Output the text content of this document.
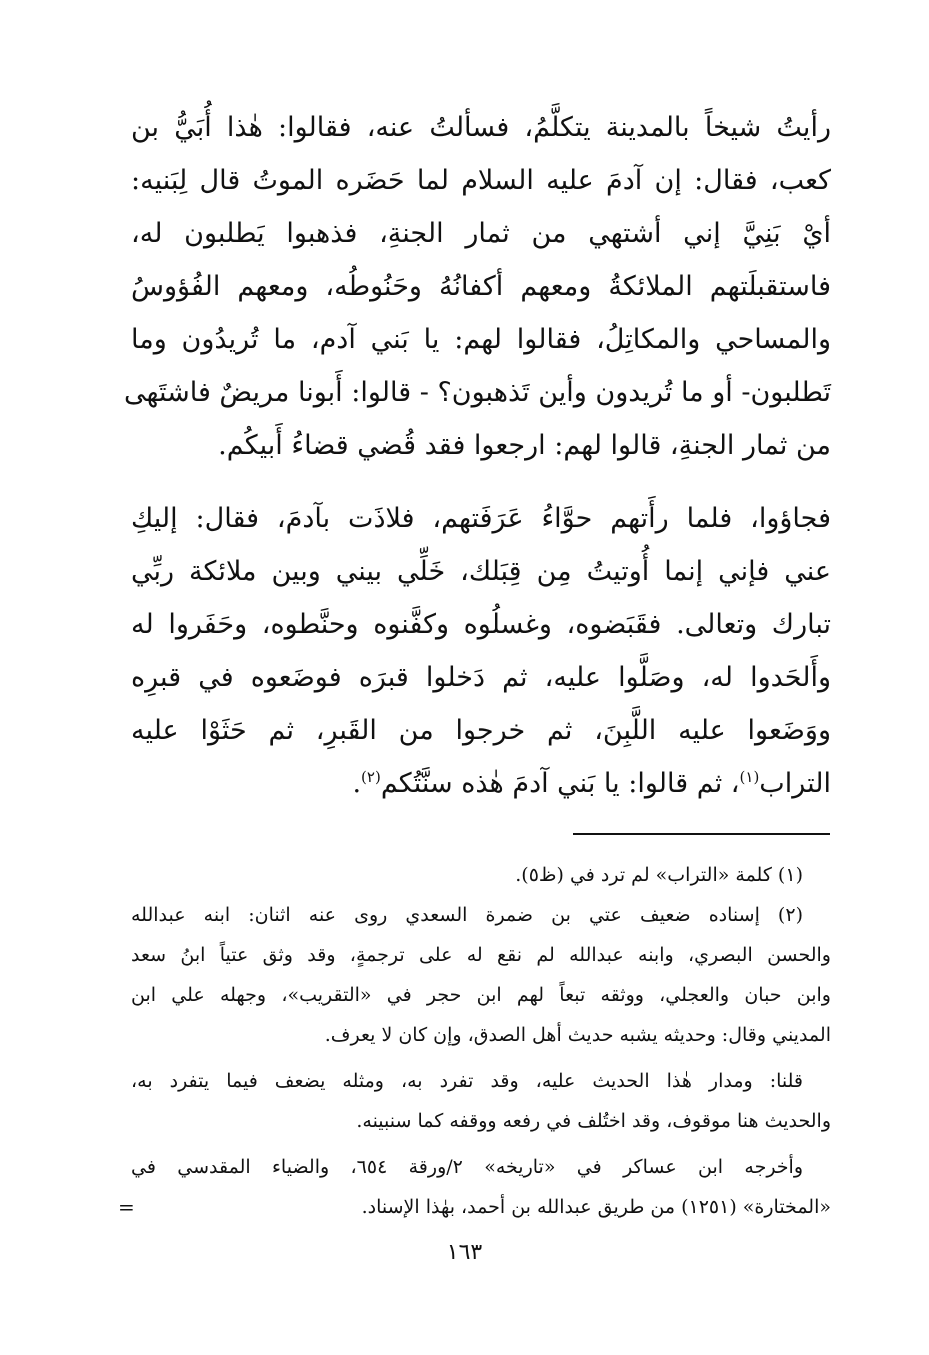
رأيتُ شيخاً بالمدينة يتكلَّمُ، فسألتُ عنه، فقالوا: هٰذا أُبَيُّ بن
كعب، فقال: إن آدمَ عليه السلام لما حَضَره الموتُ قال لِبَنيه:
أيْ بَنِيَّ إني أشتهي من ثمار الجنةِ، فذهبوا يَطلبون له،
فاستقبلَتهم الملائكةُ ومعهم أكفانُهُ وحَنُوطُه، ومعهم الفُؤوسُ
والمساحي والمكاتِلُ، فقالوا لهم: يا بَني آدم، ما تُريدُون وما
تَطلبون- أو ما تُريدون وأين تَذهبون؟ - قالوا: أَبونا مريضٌ فاشتَهى
من ثمار الجنةِ، قالوا لهم: ارجعوا فقد قُضي قضاءُ أَبيكُم.
فجاؤوا، فلما رأَتهم حوَّاءُ عَرَفَتهم، فلاذَت بآدمَ، فقال: إليكِ
عني فإني إنما أُوتيتُ مِن قِبَلك، خَلِّي بيني وبين ملائكة ربِّي
تبارك وتعالى. فقَبَضوه، وغسلُوه وكفَّنوه وحنَّطوه، وحَفَروا له
وأَلحَدوا له، وصَلَّوا عليه، ثم دَخلوا قبرَه فوضَعوه في قبرِه
ووَضَعوا عليه اللَّبِنَ، ثم خرجوا من القَبرِ، ثم حَثَوْا عليه
التراب$^{(١)}$، ثم قالوا: يا بَني آدمَ هٰذه سنَّتُكم$^{(٢)}$.
(١) كلمة «التراب» لم ترد في (ظ٥).
(٢) إسناده ضعيف عتي بن ضمرة السعدي روى عنه اثنان: ابنه عبدالله
والحسن البصري، وابنه عبدالله لم نقع له على ترجمةٍ، وقد وثق عتياً ابنُ سعد
وابن حبان والعجلي، ووثقه تبعاً لهم ابن حجر في «التقريب»، وجهله علي ابن
المديني وقال: وحديثه يشبه حديث أهل الصدق، وإن كان لا يعرف.
قلنا: ومدار هٰذا الحديث عليه، وقد تفرد به، ومثله يضعف فيما يتفرد به،
والحديث هنا موقوف، وقد اختُلف في رفعه ووقفه كما سنبينه.
وأخرجه ابن عساكر في «تاريخه» ٢/ورقة ٦٥٤، والضياء المقدسي في
«المختارة» (١٢٥١) من طريق عبدالله بن أحمد، بهٰذا الإسناد.
=
١٦٣
